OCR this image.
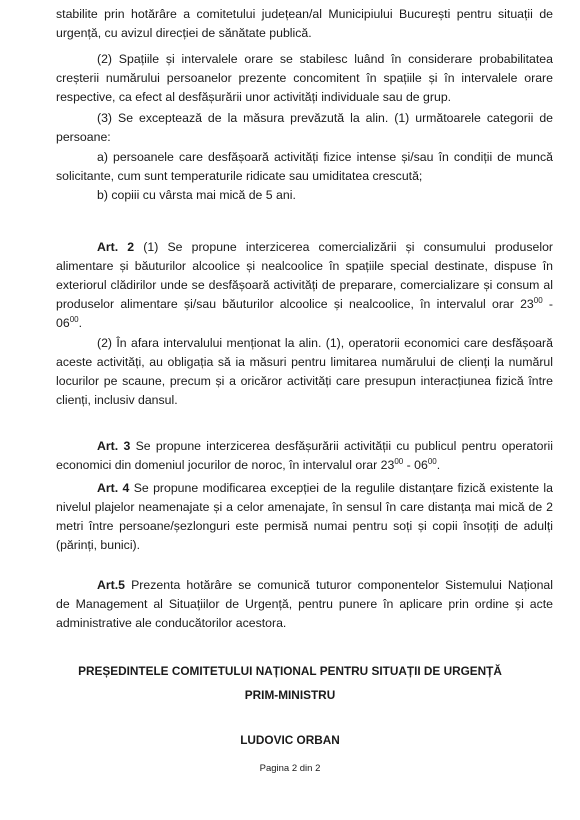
stabilite prin hotărâre a comitetului județean/al Municipiului București pentru situații de
urgență, cu avizul direcției de sănătate publică.
(2) Spațiile și intervalele orare se stabilesc luând în considerare probabilitatea
creșterii numărului persoanelor prezente concomitent în spațiile și în intervalele orare
respective, ca efect al desfășurării unor activități individuale sau de grup.
(3) Se exceptează de la măsura prevăzută la alin. (1) următoarele categorii de
persoane:
a) persoanele care desfășoară activități fizice intense și/sau în condiții de muncă
solicitante, cum sunt temperaturile ridicate sau umiditatea crescută;
b) copiii cu vârsta mai mică de 5 ani.
Art. 2 (1) Se propune interzicerea comercializării și consumului produselor
alimentare și băuturilor alcoolice și nealcoolice în spațiile special destinate, dispuse în
exteriorul clădirilor unde se desfășoară activități de preparare, comercializare și consum al
produselor alimentare și/sau băuturilor alcoolice și nealcoolice, în intervalul orar $23^{00}$ -
$06^{00}$.
(2) În afara intervalului menționat la alin. (1), operatorii economici care desfășoară
aceste activități, au obligația să ia măsuri pentru limitarea numărului de clienți la numărul
locurilor pe scaune, precum și a oricăror activități care presupun interacțiunea fizică între
clienți, inclusiv dansul.
Art. 3 Se propune interzicerea desfășurării activității cu publicul pentru operatorii
economici din domeniul jocurilor de noroc, în intervalul orar $23^{00} - 06^{00}$.
Art. 4 Se propune modificarea excepției de la regulile distanțare fizică existente la
nivelul plajelor neamenajate și a celor amenajate, în sensul în care distanța mai mică de 2
metri între persoane/șezlonguri este permisă numai pentru soți și copii însoțiți de adulți
(părinți, bunici).
Art.5 Prezenta hotărâre se comunică tuturor componentelor Sistemului Național
de Management al Situațiilor de Urgență, pentru punere în aplicare prin ordine și acte
administrative ale conducătorilor acestora.
PREȘEDINTELE COMITETULUI NAȚIONAL PENTRU SITUAȚII DE URGENȚĂ
PRIM-MINISTRU
LUDOVIC ORBAN
Pagina 2 din 2
